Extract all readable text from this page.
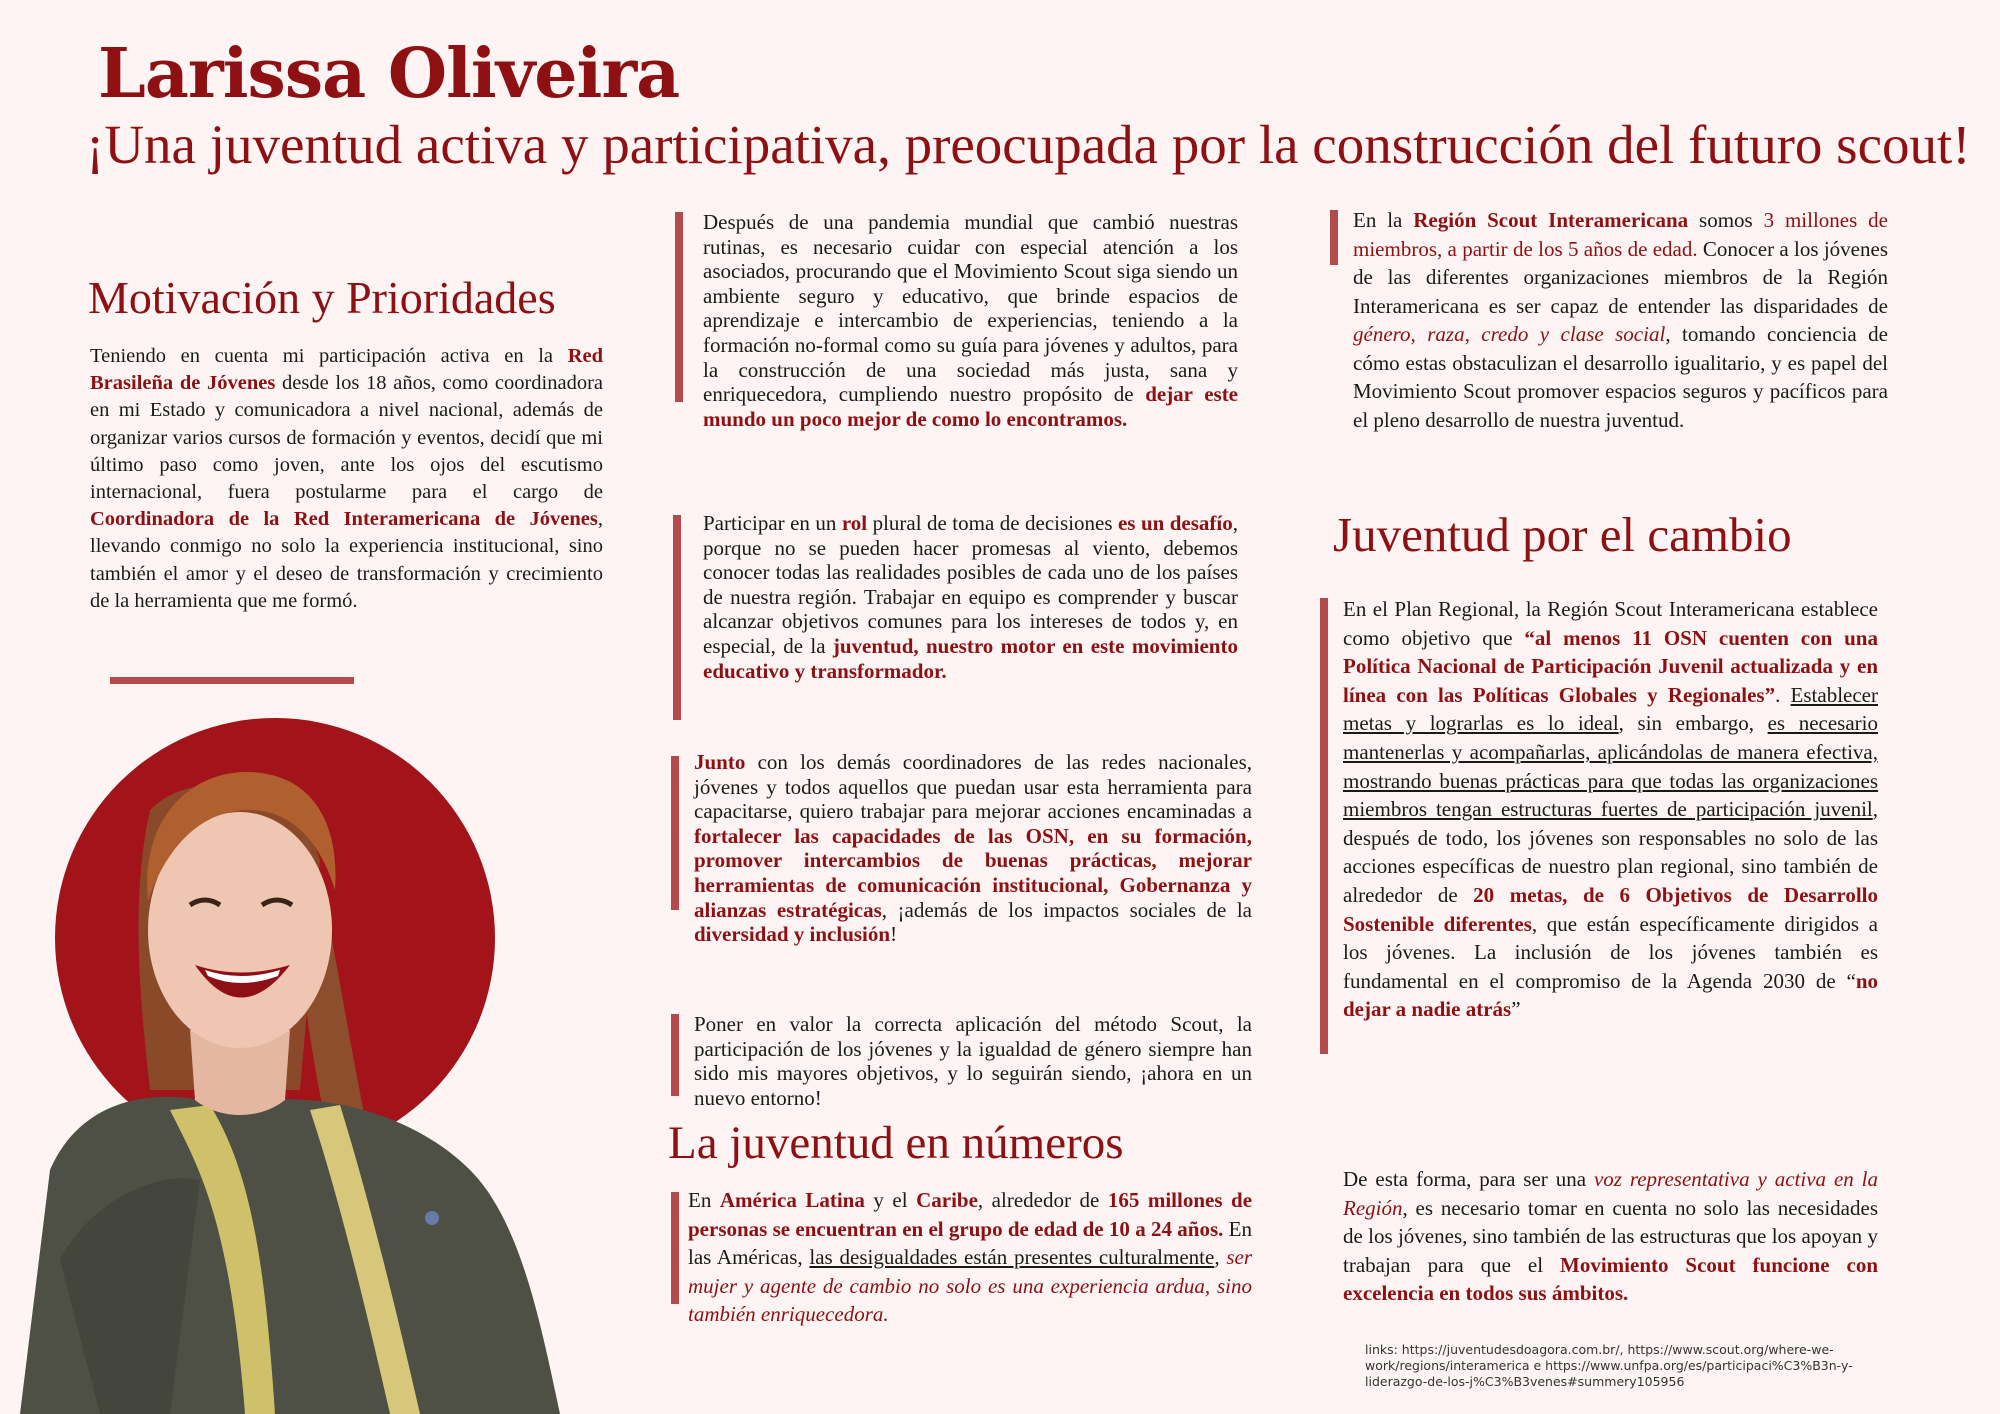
Larissa Oliveira
¡Una juventud activa y participativa, preocupada por la construcción del futuro scout!
Motivación y Prioridades

Teniendo en cuenta mi participación activa en la Red Brasileña de Jóvenes desde los 18 años, como coordinadora en mi Estado y comunicadora a nivel nacional, además de organizar varios cursos de formación y eventos, decidí que mi último paso como joven, ante los ojos del escutismo internacional, fuera postularme para el cargo de Coordinadora de la Red Interamericana de Jóvenes, llevando conmigo no solo la experiencia institucional, sino también el amor y el deseo de transformación y crecimiento de la herramienta que me formó.

Después de una pandemia mundial que cambió nuestras rutinas, es necesario cuidar con especial atención a los asociados, procurando que el Movimiento Scout siga siendo un ambiente seguro y educativo, que brinde espacios de aprendizaje e intercambio de experiencias, teniendo a la formación no-formal como su guía para jóvenes y adultos, para la construcción de una sociedad más justa, sana y enriquecedora, cumpliendo nuestro propósito de dejar este mundo un poco mejor de como lo encontramos.

Participar en un rol plural de toma de decisiones es un desafío, porque no se pueden hacer promesas al viento, debemos conocer todas las realidades posibles de cada uno de los países de nuestra región. Trabajar en equipo es comprender y buscar alcanzar objetivos comunes para los intereses de todos y, en especial, de la juventud, nuestro motor en este movimiento educativo y transformador.

Junto con los demás coordinadores de las redes nacionales, jóvenes y todos aquellos que puedan usar esta herramienta para capacitarse, quiero trabajar para mejorar acciones encaminadas a fortalecer las capacidades de las OSN, en su formación, promover intercambios de buenas prácticas, mejorar herramientas de comunicación institucional, Gobernanza y alianzas estratégicas, ¡además de los impactos sociales de la diversidad y inclusión!

Poner en valor la correcta aplicación del método Scout, la participación de los jóvenes y la igualdad de género siempre han sido mis mayores objetivos, y lo seguirán siendo, ¡ahora en un nuevo entorno!

La juventud en números

En América Latina y el Caribe, alrededor de 165 millones de personas se encuentran en el grupo de edad de 10 a 24 años. En las Américas, las desigualdades están presentes culturalmente, ser mujer y agente de cambio no solo es una experiencia ardua, sino también enriquecedora.

En la Región Scout Interamericana somos 3 millones de miembros, a partir de los 5 años de edad. Conocer a los jóvenes de las diferentes organizaciones miembros de la Región Interamericana es ser capaz de entender las disparidades de género, raza, credo y clase social, tomando conciencia de cómo estas obstaculizan el desarrollo igualitario, y es papel del Movimiento Scout promover espacios seguros y pacíficos para el pleno desarrollo de nuestra juventud.

Juventud por el cambio

En el Plan Regional, la Región Scout Interamericana establece como objetivo que “al menos 11 OSN cuenten con una Política Nacional de Participación Juvenil actualizada y en línea con las Políticas Globales y Regionales”. Establecer metas y lograrlas es lo ideal, sin embargo, es necesario mantenerlas y acompañarlas, aplicándolas de manera efectiva, mostrando buenas prácticas para que todas las organizaciones miembros tengan estructuras fuertes de participación juvenil, después de todo, los jóvenes son responsables no solo de las acciones específicas de nuestro plan regional, sino también de alrededor de 20 metas, de 6 Objetivos de Desarrollo Sostenible diferentes, que están específicamente dirigidos a los jóvenes. La inclusión de los jóvenes también es fundamental en el compromiso de la Agenda 2030 de “no dejar a nadie atrás”

De esta forma, para ser una voz representativa y activa en la Región, es necesario tomar en cuenta no solo las necesidades de los jóvenes, sino también de las estructuras que los apoyan y trabajan para que el Movimiento Scout funcione con excelencia en todos sus ámbitos.

links: https://juventudesdoagora.com.br/, https://www.scout.org/where-we-work/regions/interamerica e https://www.unfpa.org/es/participaci%C3%B3n-y-liderazgo-de-los-j%C3%B3venes#summery105956
